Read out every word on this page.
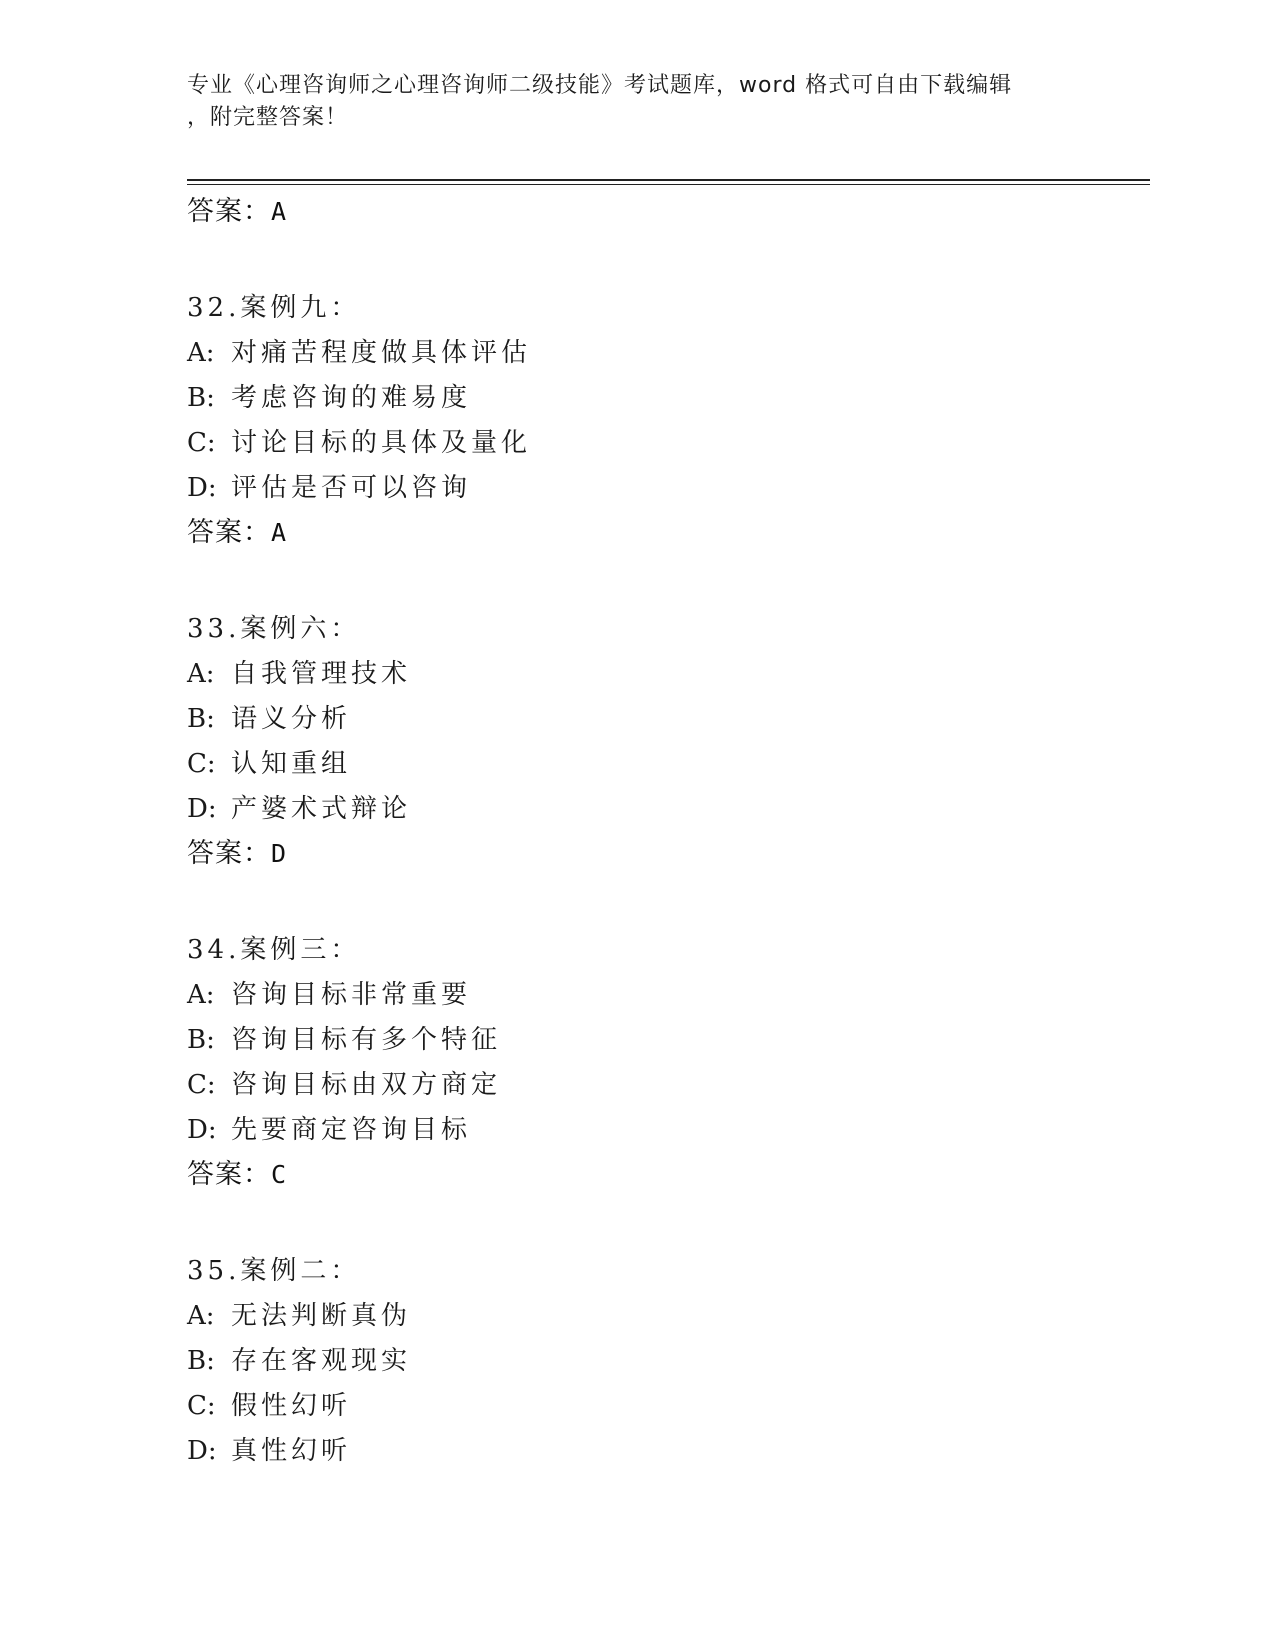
专业《心理咨询师之心理咨询师二级技能》考试题库，word 格式可自由下载编辑
，附完整答案！
答案：A
32.案例九：
A: 对痛苦程度做具体评估
B: 考虑咨询的难易度
C: 讨论目标的具体及量化
D: 评估是否可以咨询
答案：A
33.案例六：
A: 自我管理技术
B: 语义分析
C: 认知重组
D: 产婆术式辩论
答案：D
34.案例三：
A: 咨询目标非常重要
B: 咨询目标有多个特征
C: 咨询目标由双方商定
D: 先要商定咨询目标
答案：C
35.案例二：
A: 无法判断真伪
B: 存在客观现实
C: 假性幻听
D: 真性幻听
